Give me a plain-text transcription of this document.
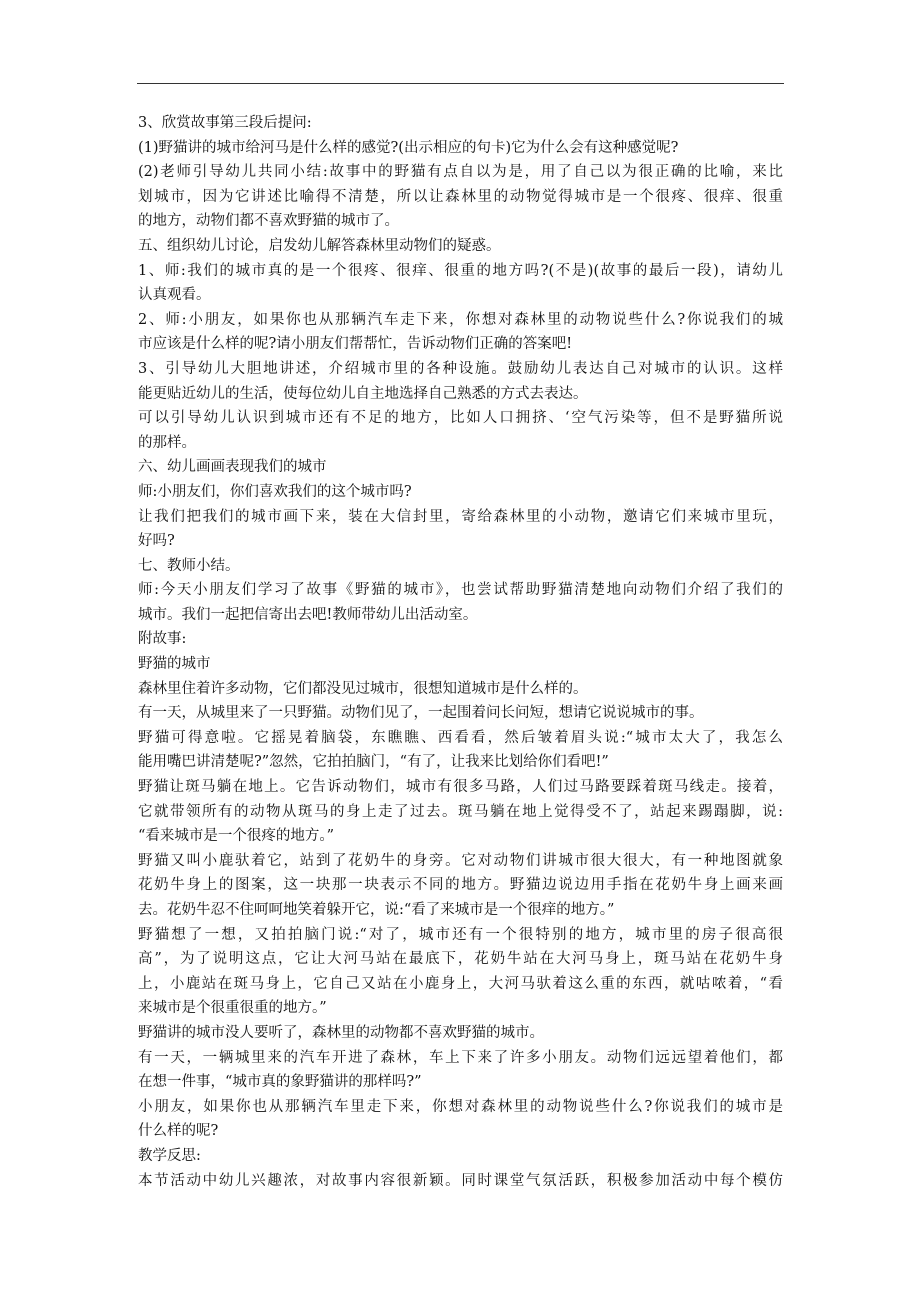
3、欣赏故事第三段后提问:
(1)野猫讲的城市给河马是什么样的感觉?(出示相应的句卡)它为什么会有这种感觉呢?
(2)老师引导幼儿共同小结:故事中的野猫有点自以为是，用了自己以为很正确的比喻，来比
划城市，因为它讲述比喻得不清楚，所以让森林里的动物觉得城市是一个很疼、很痒、很重
的地方，动物们都不喜欢野猫的城市了。
五、组织幼儿讨论，启发幼儿解答森林里动物们的疑惑。
1、师:我们的城市真的是一个很疼、很痒、很重的地方吗?(不是)(故事的最后一段)，请幼儿
认真观看。
2、师:小朋友，如果你也从那辆汽车走下来，你想对森林里的动物说些什么?你说我们的城
市应该是什么样的呢?请小朋友们帮帮忙，告诉动物们正确的答案吧!
3、引导幼儿大胆地讲述，介绍城市里的各种设施。鼓励幼儿表达自己对城市的认识。这样
能更贴近幼儿的生活，使每位幼儿自主地选择自己熟悉的方式去表达。
可以引导幼儿认识到城市还有不足的地方，比如人口拥挤、‘空气污染等，但不是野猫所说
的那样。
六、幼儿画画表现我们的城市
师:小朋友们，你们喜欢我们的这个城市吗?
让我们把我们的城市画下来，装在大信封里，寄给森林里的小动物，邀请它们来城市里玩，
好吗?
七、教师小结。
师:今天小朋友们学习了故事《野猫的城市》，也尝试帮助野猫清楚地向动物们介绍了我们的
城市。我们一起把信寄出去吧!教师带幼儿出活动室。
附故事:
野猫的城市
森林里住着许多动物，它们都没见过城市，很想知道城市是什么样的。
有一天，从城里来了一只野猫。动物们见了，一起围着问长问短，想请它说说城市的事。
野猫可得意啦。它摇晃着脑袋，东瞧瞧、西看看，然后皱着眉头说:“城市太大了，我怎么
能用嘴巴讲清楚呢?”忽然，它拍拍脑门，“有了，让我来比划给你们看吧!”
野猫让斑马躺在地上。它告诉动物们，城市有很多马路，人们过马路要踩着斑马线走。接着，
它就带领所有的动物从斑马的身上走了过去。斑马躺在地上觉得受不了，站起来踢蹋脚，说:
“看来城市是一个很疼的地方。”
野猫又叫小鹿驮着它，站到了花奶牛的身旁。它对动物们讲城市很大很大，有一种地图就象
花奶牛身上的图案，这一块那一块表示不同的地方。野猫边说边用手指在花奶牛身上画来画
去。花奶牛忍不住呵呵地笑着躲开它，说:“看了来城市是一个很痒的地方。”
野猫想了一想，又拍拍脑门说:“对了，城市还有一个很特别的地方，城市里的房子很高很
高”，为了说明这点，它让大河马站在最底下，花奶牛站在大河马身上，斑马站在花奶牛身
上，小鹿站在斑马身上，它自己又站在小鹿身上，大河马驮着这么重的东西，就咕哝着，“看
来城市是个很重很重的地方。”
野猫讲的城市没人要听了，森林里的动物都不喜欢野猫的城市。
有一天，一辆城里来的汽车开进了森林，车上下来了许多小朋友。动物们远远望着他们，都
在想一件事，“城市真的象野猫讲的那样吗?”
小朋友，如果你也从那辆汽车里走下来，你想对森林里的动物说些什么?你说我们的城市是
什么样的呢?
教学反思:
本节活动中幼儿兴趣浓，对故事内容很新颖。同时课堂气氛活跃，积极参加活动中每个模仿
